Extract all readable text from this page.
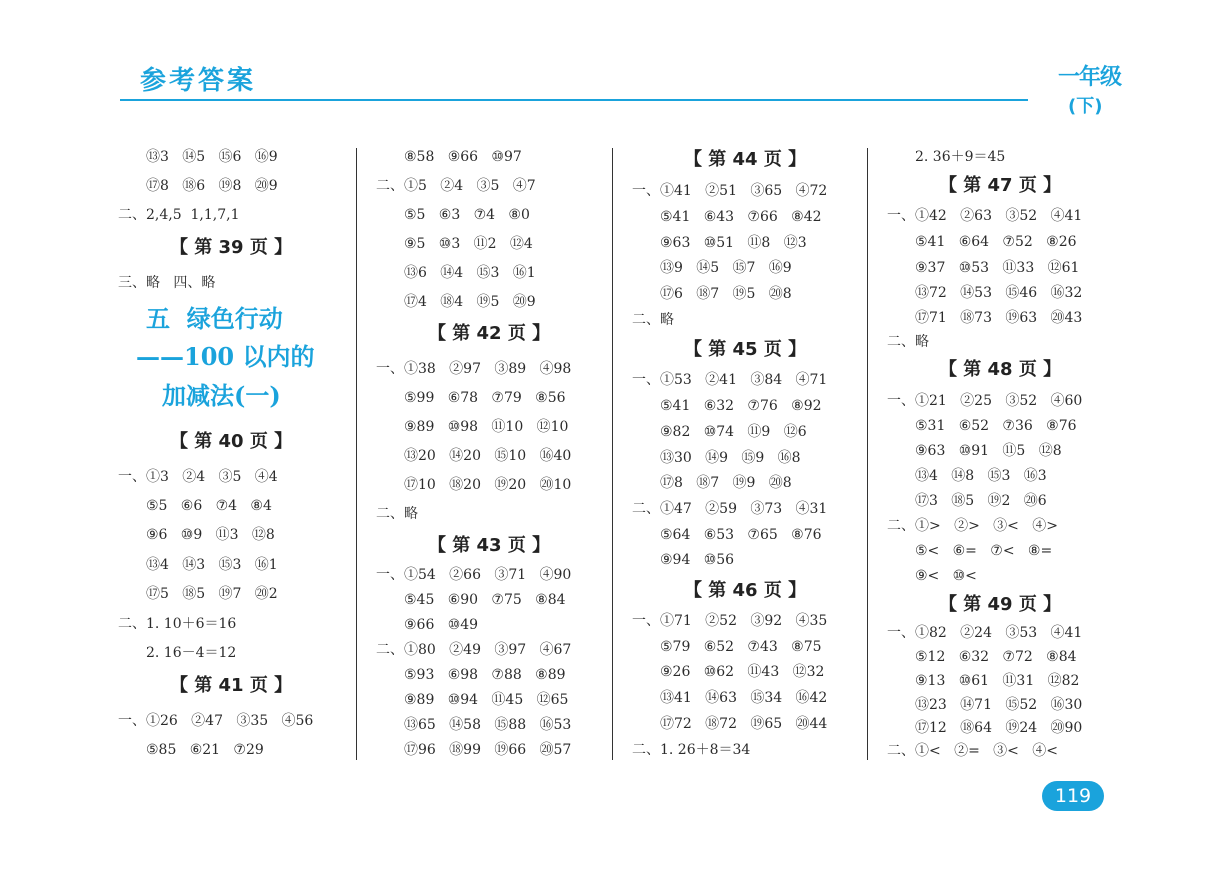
参考答案	一年级
(下)
⑬3   ⑭5   ⑮6   ⑯9
⑰8   ⑱6   ⑲8   ⑳9
二、2,4,5  1,1,7,1
【 第 39 页 】
三、略   四、略
五  绿色行动
——100 以内的
加减法(一)
【 第 40 页 】
一、①3   ②4   ③5   ④4
⑤5   ⑥6   ⑦4   ⑧4
⑨6   ⑩9   ⑪3   ⑫8
⑬4   ⑭3   ⑮3   ⑯1
⑰5   ⑱5   ⑲7   ⑳2
二、1. 10＋6＝16
2. 16－4＝12
【 第 41 页 】
一、①26   ②47   ③35   ④56
⑤85   ⑥21   ⑦29
⑧58   ⑨66   ⑩97
二、①5   ②4   ③5   ④7
⑤5   ⑥3   ⑦4   ⑧0
⑨5   ⑩3   ⑪2   ⑫4
⑬6   ⑭4   ⑮3   ⑯1
⑰4   ⑱4   ⑲5   ⑳9
【 第 42 页 】
一、①38   ②97   ③89   ④98
⑤99   ⑥78   ⑦79   ⑧56
⑨89   ⑩98   ⑪10   ⑫10
⑬20   ⑭20   ⑮10   ⑯40
⑰10   ⑱20   ⑲20   ⑳10
二、略
【 第 43 页 】
一、①54   ②66   ③71   ④90
⑤45   ⑥90   ⑦75   ⑧84
⑨66   ⑩49
二、①80   ②49   ③97   ④67
⑤93   ⑥98   ⑦88   ⑧89
⑨89   ⑩94   ⑪45   ⑫65
⑬65   ⑭58   ⑮88   ⑯53
⑰96   ⑱99   ⑲66   ⑳57
【 第 44 页 】
一、①41   ②51   ③65   ④72
⑤41   ⑥43   ⑦66   ⑧42
⑨63   ⑩51   ⑪8   ⑫3
⑬9   ⑭5   ⑮7   ⑯9
⑰6   ⑱7   ⑲5   ⑳8
二、略
【 第 45 页 】
一、①53   ②41   ③84   ④71
⑤41   ⑥32   ⑦76   ⑧92
⑨82   ⑩74   ⑪9   ⑫6
⑬30   ⑭9   ⑮9   ⑯8
⑰8   ⑱7   ⑲9   ⑳8
二、①47   ②59   ③73   ④31
⑤64   ⑥53   ⑦65   ⑧76
⑨94   ⑩56
【 第 46 页 】
一、①71   ②52   ③92   ④35
⑤79   ⑥52   ⑦43   ⑧75
⑨26   ⑩62   ⑪43   ⑫32
⑬41   ⑭63   ⑮34   ⑯42
⑰72   ⑱72   ⑲65   ⑳44
二、1. 26＋8＝34
2. 36＋9＝45
【 第 47 页 】
一、①42   ②63   ③52   ④41
⑤41   ⑥64   ⑦52   ⑧26
⑨37   ⑩53   ⑪33   ⑫61
⑬72   ⑭53   ⑮46   ⑯32
⑰71   ⑱73   ⑲63   ⑳43
二、略
【 第 48 页 】
一、①21   ②25   ③52   ④60
⑤31   ⑥52   ⑦36   ⑧76
⑨63   ⑩91   ⑪5   ⑫8
⑬4   ⑭8   ⑮3   ⑯3
⑰3   ⑱5   ⑲2   ⑳6
二、①>   ②>   ③<   ④>
⑤<   ⑥=   ⑦<   ⑧=
⑨<   ⑩<
【 第 49 页 】
一、①82   ②24   ③53   ④41
⑤12   ⑥32   ⑦72   ⑧84
⑨13   ⑩61   ⑪31   ⑫82
⑬23   ⑭71   ⑮52   ⑯30
⑰12   ⑱64   ⑲24   ⑳90
二、①<   ②=   ③<   ④<
119
